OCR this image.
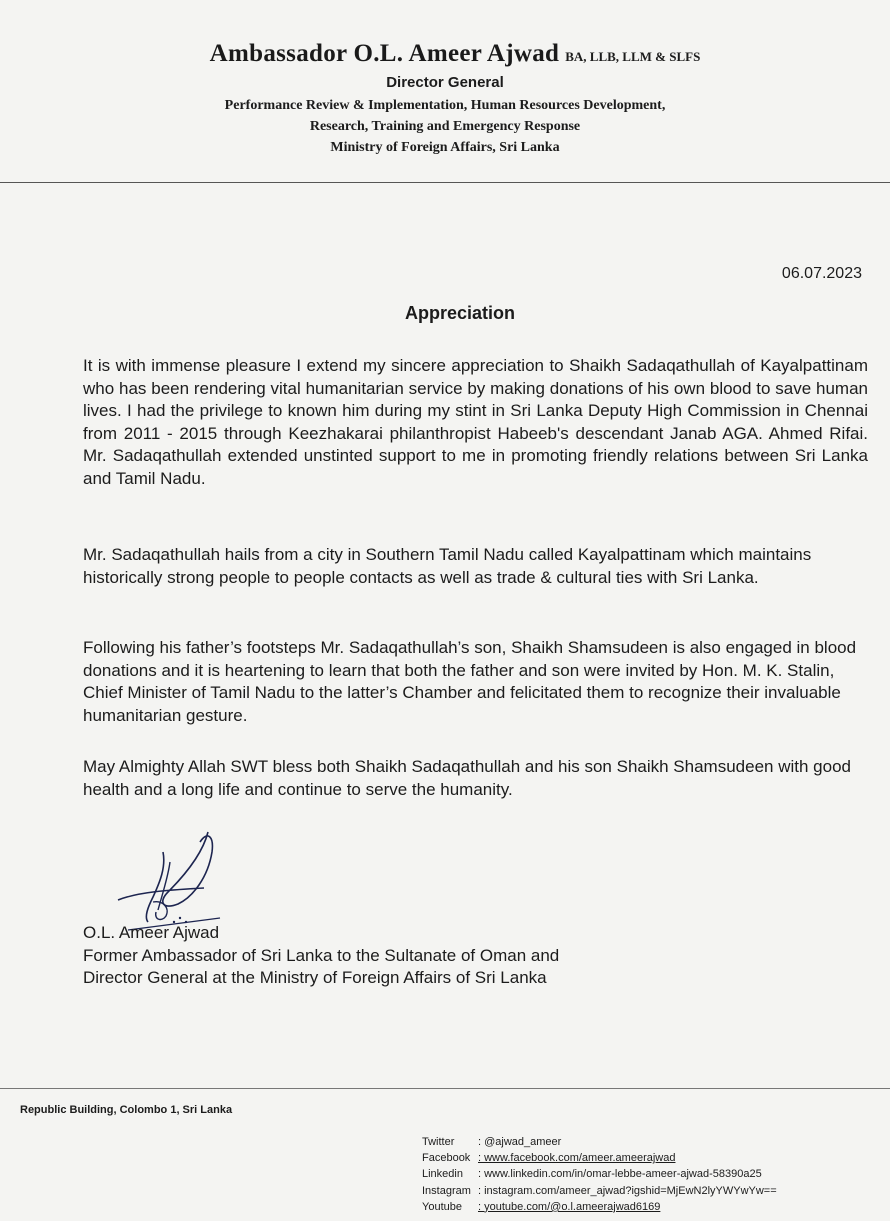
Ambassador O.L. Ameer Ajwad BA, LLB, LLM & SLFS
Director General
Performance Review & Implementation, Human Resources Development,
Research, Training and Emergency Response
Ministry of Foreign Affairs, Sri Lanka
06.07.2023
Appreciation
It is with immense pleasure I extend my sincere appreciation to Shaikh Sadaqathullah of Kayalpattinam who has been rendering vital humanitarian service by making donations of his own blood to save human lives. I had the privilege to known him during my stint in Sri Lanka Deputy High Commission in Chennai from 2011 - 2015 through Keezhakarai philanthropist Habeeb's descendant Janab AGA. Ahmed Rifai. Mr. Sadaqathullah extended unstinted support to me in promoting friendly relations between Sri Lanka and Tamil Nadu.
Mr. Sadaqathullah hails from a city in Southern Tamil Nadu called Kayalpattinam which maintains historically strong people to people contacts as well as trade & cultural ties with Sri Lanka.
Following his father’s footsteps Mr. Sadaqathullah’s son, Shaikh Shamsudeen is also engaged in blood donations and it is heartening to learn that both the father and son were invited by Hon. M. K. Stalin, Chief Minister of Tamil Nadu to the latter’s Chamber and felicitated them to recognize their invaluable humanitarian gesture.
May Almighty Allah SWT bless both Shaikh Sadaqathullah and his son Shaikh Shamsudeen with good health and a long life and continue to serve the humanity.
O.L. Ameer Ajwad
Former Ambassador of Sri Lanka to the Sultanate of Oman and
Director General at the Ministry of Foreign Affairs of Sri Lanka
Republic Building, Colombo 1, Sri Lanka
Twitter : @ajwad_ameer
Facebook : www.facebook.com/ameer.ameerajwad
Linkedin : www.linkedin.com/in/omar-lebbe-ameer-ajwad-58390a25
Instagram : instagram.com/ameer_ajwad?igshid=MjEwN2lyYWYwYw==
Youtube : youtube.com/@o.l.ameerajwad6169
